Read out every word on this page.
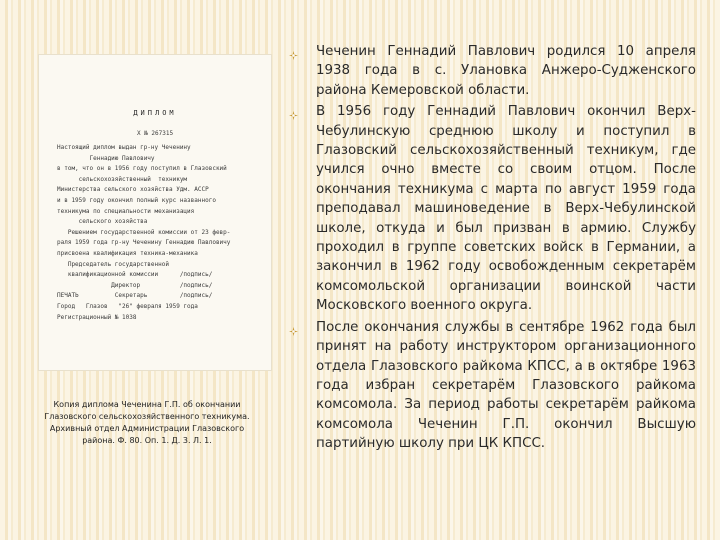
ДИПЛОМ
Х № 267315
Настоящий диплом выдан гр-ну Чеченину
Геннадию Павловичу
в том, что он в 1956 году поступил в Глазовский
сельскохозяйственный  техникум
Министерства сельского хозяйства Удм. АССР
и в 1959 году окончил полный курс названного
техникума по специальности механизация
сельского хозяйства
Решением государственной комиссии от 23 февр-
раля 1959 года гр-ну Чеченину Геннадию Павловичу
присвоена квалификация техника-механика
Председатель государственной
квалификационной комиссии      /подпись/
Директор           /подпись/
ПЕЧАТЬ          Секретарь         /подпись/
Город   Глазов   "26" февраля 1959 года
Регистрационный № 1038
Копия диплома Чеченина Г.П. об окончании
Глазовского сельскохозяйственного техникума.
Архивный отдел Администрации Глазовского
района. Ф. 80. Оп. 1. Д. 3. Л. 1.
Чеченин Геннадий Павлович родился 10 апреля 1938 года в с. Улановка Анжеро-Судженского района Кемеровской области.
В 1956 году Геннадий Павлович окончил Верх-Чебулинскую среднюю школу и поступил в Глазовский сельскохозяйственный техникум, где учился очно вместе со своим отцом. После окончания техникума с марта по август 1959 года преподавал машиноведение в Верх-Чебулинской школе, откуда и был призван в армию. Службу проходил в группе советских войск в Германии, а закончил в 1962 году освобожденным секретарём комсомольской организации воинской части Московского военного округа.
После окончания службы в сентябре 1962 года был принят на работу инструктором организационного отдела Глазовского райкома КПСС, а в октябре 1963 года избран секретарём Глазовского райкома комсомола. За период работы секретарём райкома комсомола Чеченин Г.П. окончил Высшую партийную школу при ЦК КПСС.
